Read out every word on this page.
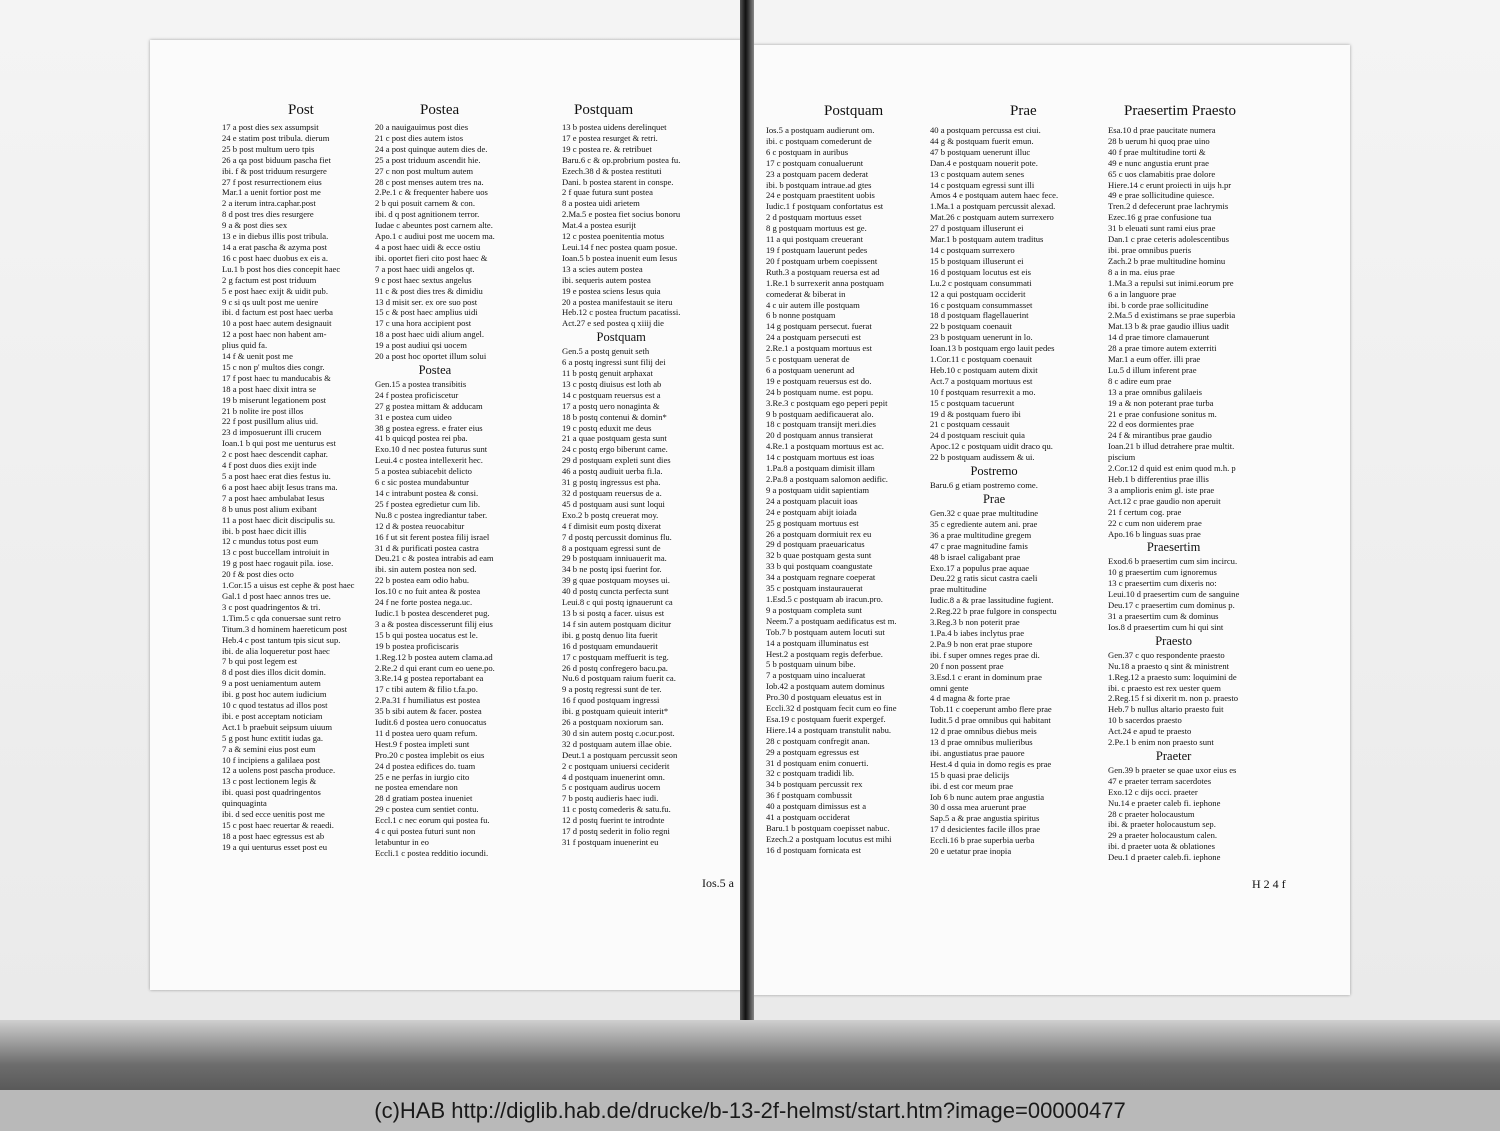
Post	Postea	Postquam
17 a post dies sex assumpsit
24 e statim post tribula. dierum
25 b post multum uero tpis
26 a qa post biduum pascha fiet
ibi. f & post triduum resurgere
27 f post resurrectionem eius
Mar.1 a uenit fortior post me
2 a iterum intra.caphar.post
8 d post tres dies resurgere
9 a & post dies sex
13 e in diebus illis post tribula.
14 a erat pascha & azyma post
16 c post haec duobus ex eis a.
Lu.1 b post hos dies concepit haec
2 g factum est post triduum
5 e post haec exijt & uidit pub.
9 c si qs uult post me uenire
ibi. d factum est post haec uerba
10 a post haec autem designauit
12 a post haec non habent am-
plius quid fa.
14 f & uenit post me
15 c non p' multos dies congr.
17 f post haec tu manducabis &
18 a post haec dixit intra se
19 b miserunt legationem post
21 b nolite ire post illos
22 f post pusillum alius uid.
23 d imposuerunt illi crucem
Ioan.1 b qui post me uenturus est
2 c post haec descendit caphar.
4 f post duos dies exijt inde
5 a post haec erat dies festus iu.
6 a post haec abijt Iesus trans ma.
7 a post haec ambulabat Iesus
8 b unus post alium exibant
11 a post haec dicit discipulis su.
ibi. b post haec dicit illis
12 c mundus totus post eum
13 c post buccellam introiuit in
19 g post haec rogauit pila. iose.
20 f & post dies octo
1.Cor.15 a uisus est cephe & post haec
Gal.1 d post haec annos tres ue.
3 c post quadringentos & tri.
1.Tim.5 c qda conuersae sunt retro
Titum.3 d hominem haereticum post
Heb.4 c post tantum tpis sicut sup.
ibi. de alia loqueretur post haec
7 b qui post legem est
8 d post dies illos dicit domin.
9 a post ueniamentum autem
ibi. g post hoc autem iudicium
10 c quod testatus ad illos post
ibi. e post acceptam noticiam
Act.1 b praebuit seipsum uiuum
5 g post hunc extitit iudas ga.
7 a & semini eius post eum
10 f incipiens a galilaea post
12 a uolens post pascha produce.
13 c post lectionem legis &
ibi. quasi post quadringentos
quinquaginta
ibi. d sed ecce uenitis post me
15 c post haec reuertar & reaedi.
18 a post haec egressus est ab
19 a qui uenturus esset post eu
20 a nauigauimus post dies
21 c post dies autem istos
24 a post quinque autem dies de.
25 a post triduum ascendit hie.
27 c non post multum autem
28 c post menses autem tres na.
2.Pe.1 c & frequenter habere uos
2 b qui posuit carnem & con.
ibi. d q post agnitionem terror.
Iudae c abeuntes post carnem alte.
Apo.1 c audiui post me uocem ma.
4 a post haec uidi & ecce ostiu
ibi. oportet fieri cito post haec &
7 a post haec uidi angelos qt.
9 c post haec sextus angelus
11 c & post dies tres & dimidiu
13 d misit ser. ex ore suo post
15 c & post haec amplius uidi
17 c una hora accipient post
18 a post haec uidi alium angel.
19 a post audiui qsi uocem
20 a post hoc oportet illum solui
Postea
Gen.15 a postea transibitis
24 f postea proficiscetur
27 g postea mittam & adducam
31 e postea cum uideo
38 g postea egress. e frater eius
41 b quicqd postea rei pba.
Exo.10 d nec postea futurus sunt
Leui.4 c postea intellexerit hec.
5 a postea subiacebit delicto
6 c sic postea mundabuntur
14 c intrabunt postea & consi.
25 f postea egredietur cum lib.
Nu.8 c postea ingrediantur taber.
12 d & postea reuocabitur
16 f ut sit ferent postea filij israel
31 d & purificati postea castra
Deu.21 c & postea intrabis ad eam
ibi. sin autem postea non sed.
22 b postea eam odio habu.
Ios.10 c no fuit antea & postea
24 f ne forte postea nega.uc.
Iudic.1 b postea descenderet pug.
3 a & postea discesserunt filij eius
15 b qui postea uocatus est le.
19 b postea proficiscaris
1.Reg.12 b postea autem clama.ad
2.Re.2 d qui erant cum eo uene.po.
3.Re.14 g postea reportabant ea
17 c tibi autem & filio t.fa.po.
2.Pa.31 f humiliatus est postea
35 b sibi autem & facer. postea
Iudit.6 d postea uero conuocatus
11 d postea uero quam refum.
Hest.9 f postea impleti sunt
Pro.20 c postea implebit os eius
24 d postea edifices do. tuam
25 e ne perfas in iurgio cito
ne postea emendare non
28 d gratiam postea inueniet
29 c postea cum sentiet contu.
Eccl.1 c nec eorum qui postea fu.
4 c qui postea futuri sunt non
letabuntur in eo
Eccli.1 c postea redditio iocundi.
13 b postea uidens derelinquet
17 e postea resurget & retri.
19 c postea re. & retribuet
Baru.6 c & op.probrium postea fu.
Ezech.38 d & postea restituti
Dani. b postea starent in conspe.
2 f quae futura sunt postea
8 a postea uidi arietem
2.Ma.5 e postea fiet socius bonoru
Mat.4 a postea esurijt
12 c postea poenitentia motus
Leui.14 f nec postea quam posue.
Ioan.5 b postea inuenit eum Iesus
13 a scies autem postea
ibi. sequeris autem postea
19 e postea sciens Iesus quia
20 a postea manifestauit se iteru
Heb.12 c postea fructum pacatissi.
Act.27 e sed postea q xiiij die
Postquam
Gen.5 a postq genuit seth
6 a postq ingressi sunt filij dei
11 b postq genuit arphaxat
13 c postq diuisus est loth ab
14 c postquam reuersus est a
17 a postq uero nonaginta &
18 b postq contenui & domin*
19 c postq eduxit me deus
21 a quae postquam gesta sunt
24 c postq ergo biberunt came.
29 d postquam expleti sunt dies
46 a postq audiuit uerba fi.la.
31 g postq ingressus est pha.
32 d postquam reuersus de a.
45 d postquam ausi sunt loqui
Exo.2 b postq creuerat moy.
4 f dimisit eum postq dixerat
7 d postq percussit dominus flu.
8 a postquam egressi sunt de
29 b postquam inniuauerit ma.
34 b ne postq ipsi fuerint for.
39 g quae postquam moyses ui.
40 d postq cuncta perfecta sunt
Leui.8 c qui postq ignauerunt ca
13 b si postq a facer. uisus est
14 f sin autem postquam dicitur
ibi. g postq denuo lita fuerit
16 d postquam emundauerit
17 c postquam meffuerit is teg.
26 d postq confregero bacu.pa.
Nu.6 d postquam raium fuerit ca.
9 a postq regressi sunt de ter.
16 f quod postquam ingressi
ibi. g postquam quieuit interit*
26 a postquam noxiorum san.
30 d sin autem postq c.ocur.post.
32 d postquam autem illae obie.
Deut.1 a postquam percussit seon
2 c postquam uniuersi ceciderit
4 d postquam inuenerint omn.
5 c postquam audirus uocem
7 b postq audieris haec iudi.
11 c postq comederis & satu.fu.
12 d postq fuerint te introdnte
17 d postq sederit in folio regni
31 f postquam inuenerint eu
Ios.5 a
Postquam	Prae	Praesertim Praesto
Ios.5 a postquam audierunt om.
ibi. c postquam comederunt de
6 c postquam in auribus
17 c postquam conualuerunt
23 a postquam pacem dederat
ibi. b postquam intraue.ad gtes
24 e postquam praestitent uobis
Iudic.1 f postquam confortatus est
2 d postquam mortuus esset
8 g postquam mortuus est ge.
11 a qui postquam creuerant
19 f postquam lauerunt pedes
20 f postquam urbem coepissent
Ruth.3 a postquam reuersa est ad
1.Re.1 b surrexerit anna postquam
comederat & biberat in
4 c uir autem ille postquam
6 b nonne postquam
14 g postquam persecut. fuerat
24 a postquam persecuti est
2.Re.1 a postquam mortuus est
5 c postquam uenerat de
6 a postquam uenerunt ad
19 e postquam reuersus est do.
24 b postquam nume. est popu.
3.Re.3 c postquam ego peperi pepit
9 b postquam aedificauerat alo.
18 c postquam transijt meri.dies
20 d postquam annus transierat
4.Re.1 a postquam mortuus est ac.
14 c postquam mortuus est ioas
1.Pa.8 a postquam dimisit illam
2.Pa.8 a postquam salomon aedific.
9 a postquam uidit sapientiam
24 a postquam placuit ioas
24 e postquam abijt ioiada
25 g postquam mortuus est
26 a postquam dormiuit rex eu
29 d postquam praeuaricatus
32 b quae postquam gesta sunt
33 b qui postquam coangustate
34 a postquam regnare coeperat
35 c postquam instaurauerat
1.Esd.5 c postquam ab iracun.pro.
9 a postquam completa sunt
Neem.7 a postquam aedificatus est m.
Tob.7 b postquam autem locuti sut
14 a postquam illuminatus est
Hest.2 a postquam regis deferbue.
5 b postquam uinum bibe.
7 a postquam uino incaluerat
Iob.42 a postquam autem dominus
Pro.30 d postquam eleuatus est in
Eccli.32 d postquam fecit cum eo fine
Esa.19 c postquam fuerit expergef.
Hiere.14 a postquam transtulit nabu.
28 c postquam confregit anan.
29 a postquam egressus est
31 d postquam enim conuerti.
32 c postquam tradidi lib.
34 b postquam percussit rex
36 f postquam combussit
40 a postquam dimissus est a
41 a postquam occiderat
Baru.1 b postquam coepisset nabuc.
Ezech.2 a postquam locutus est mihi
16 d postquam fornicata est
40 a postquam percussa est ciui.
44 g & postquam fuerit emun.
47 b postquam uenerunt illuc
Dan.4 e postquam nouerit pote.
13 c postquam autem senes
14 c postquam egressi sunt illi
Amos 4 e postquam autem haec fece.
1.Ma.1 a postquam percussit alexad.
Mat.26 c postquam autem surrexero
27 d postquam illuserunt ei
Mar.1 b postquam autem traditus
14 c postquam surrexero
15 b postquam illuserunt ei
16 d postquam locutus est eis
Lu.2 c postquam consummati
12 a qui postquam occiderit
16 c postquam consummasset
18 d postquam flagellauerint
22 b postquam coenauit
23 b postquam uenerunt in lo.
Ioan.13 b postquam ergo lauit pedes
1.Cor.11 c postquam coenauit
Heb.10 c postquam autem dixit
Act.7 a postquam mortuus est
10 f postquam resurrexit a mo.
15 c postquam tacuerunt
19 d & postquam fuero ibi
21 c postquam cessauit
24 d postquam resciuit quia
Apoc.12 c postquam uidit draco qu.
22 b postquam audissem & ui.
Postremo
Baru.6 g etiam postremo come.
Prae
Gen.32 c quae prae multitudine
35 c egrediente autem ani. prae
36 a prae multitudine gregem
47 c prae magnitudine famis
48 b israel caligabant prae
Exo.17 a populus prae aquae
Deu.22 g ratis sicut castra caeli
prae multitudine
Iudic.8 a & prae lassitudine fugient.
2.Reg.22 b prae fulgore in conspectu
3.Reg.3 b non poterit prae
1.Pa.4 b iabes inclytus prae
2.Pa.9 b non erat prae stupore
ibi. f super omnes reges prae di.
20 f non possent prae
3.Esd.1 c erant in dominum prae
omni gente
4 d magna & forte prae
Tob.11 c coeperunt ambo flere prae
Iudit.5 d prae omnibus qui habitant
12 d prae omnibus diebus meis
13 d prae omnibus mulieribus
ibi. angustiatus prae pauore
Hest.4 d quia in domo regis es prae
15 b quasi prae delicijs
ibi. d est cor meum prae
Iob 6 b nunc autem prae angustia
30 d ossa mea aruerunt prae
Sap.5 a & prae angustia spiritus
17 d desicientes facile illos prae
Eccli.16 b prae superbia uerba
20 e uetatur prae inopia
Esa.10 d prae paucitate numera
28 b uerum hi quoq prae uino
40 f prae multitudine torti &
49 e nunc angustia erunt prae
65 c uos clamabitis prae dolore
Hiere.14 c erunt proiecti in uijs h.pr
49 e prae sollicitudine quiesce.
Tren.2 d defecerunt prae lachrymis
Ezec.16 g prae confusione tua
31 b eleuati sunt rami eius prae
Dan.1 c prae ceteris adolescentibus
ibi. prae omnibus pueris
Zach.2 b prae multitudine hominu
8 a in ma. eius prae
1.Ma.3 a repulsi sut inimi.eorum pre
6 a in languore prae
ibi. b corde prae sollicitudine
2.Ma.5 d existimans se prae superbia
Mat.13 b & prae gaudio illius uadit
14 d prae timore clamauerunt
28 a prae timore autem exterriti
Mar.1 a eum offer. illi prae
Lu.5 d illum inferent prae
8 c adire eum prae
13 a prae omnibus galilaeis
19 a & non poterant prae turba
21 e prae confusione sonitus m.
22 d eos dormientes prae
24 f & mirantibus prae gaudio
Ioan.21 b illud detrahere prae multit.
piscium
2.Cor.12 d quid est enim quod m.h. p
Heb.1 b differentius prae illis
3 a amplioris enim gl. iste prae
Act.12 c prae gaudio non aperuit
21 f certum cog. prae
22 c cum non uiderem prae
Apo.16 b linguas suas prae
Praesertim
Exod.6 b praesertim cum sim incircu.
10 g praesertim cum ignoremus
13 c praesertim cum dixeris no:
Leui.10 d praesertim cum de sanguine
Deu.17 c praesertim cum dominus p.
31 a praesertim cum & dominus
Ios.8 d praesertim cum hi qui sint
Praesto
Gen.37 c quo respondente praesto
Nu.18 a praesto q sint & ministrent
1.Reg.12 a praesto sum: loquimini de
ibi. c praesto est rex uester quem
2.Reg.15 f si dixerit m. non p. praesto
Heb.7 b nullus altario praesto fuit
10 b sacerdos praesto
Act.24 e apud te praesto
2.Pe.1 b enim non praesto sunt
Praeter
Gen.39 b praeter se quae uxor eius es
47 e praeter terram sacerdotes
Exo.12 c dijs occi. praeter
Nu.14 e praeter caleb fi. iephone
28 c praeter holocaustum
ibi. & praeter holocaustum sep.
29 a praeter holocaustum calen.
ibi. d praeter uota & oblationes
Deu.1 d praeter caleb.fi. iephone
H 2 4 f
(c)HAB http://diglib.hab.de/drucke/b-13-2f-helmst/start.htm?image=00000477
